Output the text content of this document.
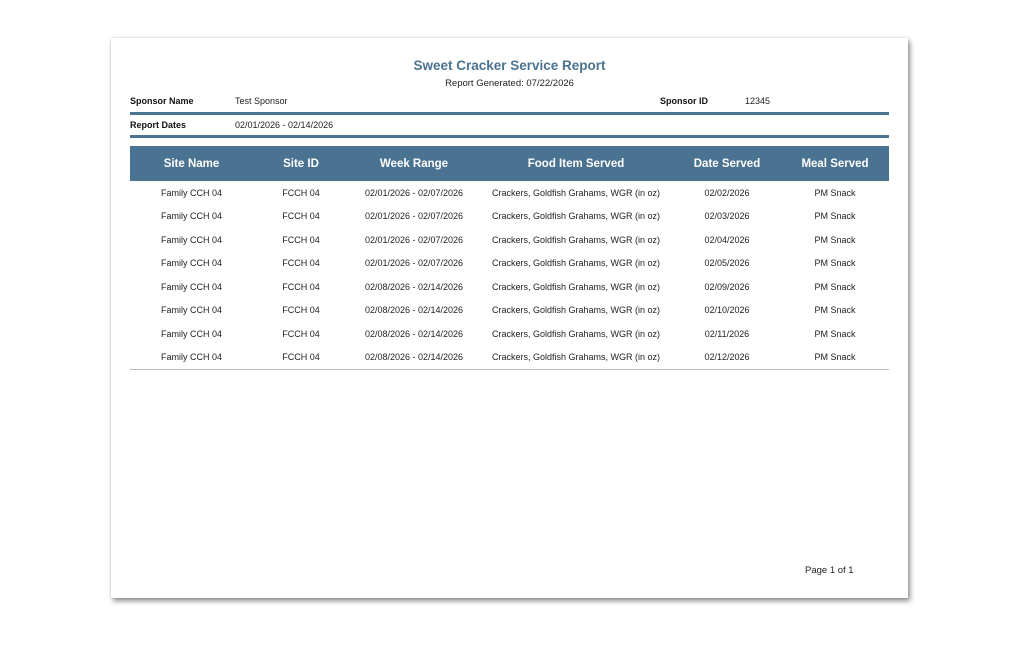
Sweet Cracker Service Report
Report Generated: 07/22/2026
Sponsor Name	Test Sponsor	Sponsor ID	12345
Report Dates	02/01/2026 - 02/14/2026
Site Name	Site ID	Week Range	Food Item Served	Date Served	Meal Served
Family CCH 04	FCCH 04	02/01/2026 - 02/07/2026	Crackers, Goldfish Grahams, WGR (in oz)	02/02/2026	PM Snack
Family CCH 04	FCCH 04	02/01/2026 - 02/07/2026	Crackers, Goldfish Grahams, WGR (in oz)	02/03/2026	PM Snack
Family CCH 04	FCCH 04	02/01/2026 - 02/07/2026	Crackers, Goldfish Grahams, WGR (in oz)	02/04/2026	PM Snack
Family CCH 04	FCCH 04	02/01/2026 - 02/07/2026	Crackers, Goldfish Grahams, WGR (in oz)	02/05/2026	PM Snack
Family CCH 04	FCCH 04	02/08/2026 - 02/14/2026	Crackers, Goldfish Grahams, WGR (in oz)	02/09/2026	PM Snack
Family CCH 04	FCCH 04	02/08/2026 - 02/14/2026	Crackers, Goldfish Grahams, WGR (in oz)	02/10/2026	PM Snack
Family CCH 04	FCCH 04	02/08/2026 - 02/14/2026	Crackers, Goldfish Grahams, WGR (in oz)	02/11/2026	PM Snack
Family CCH 04	FCCH 04	02/08/2026 - 02/14/2026	Crackers, Goldfish Grahams, WGR (in oz)	02/12/2026	PM Snack
Page 1 of 1
